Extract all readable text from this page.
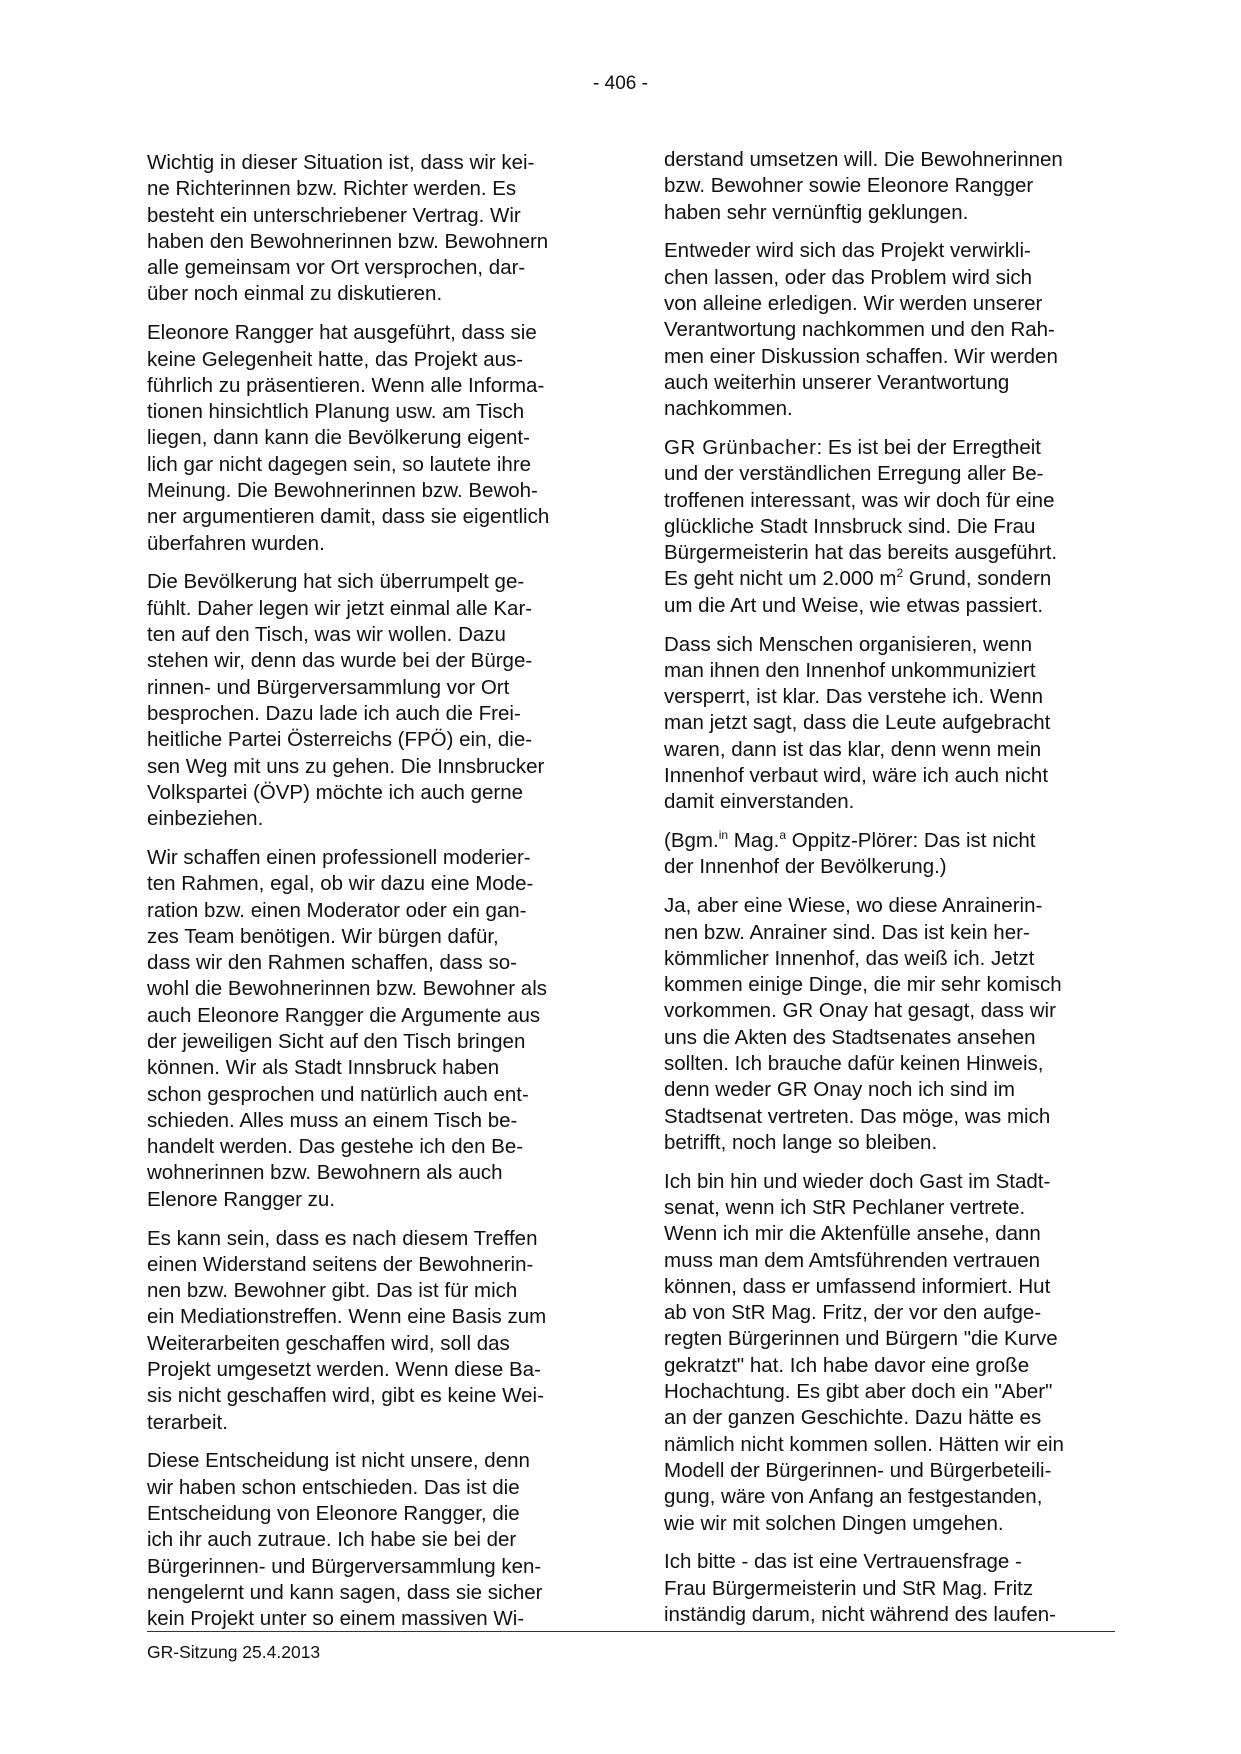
- 406 -

Wichtig in dieser Situation ist, dass wir kei-
ne Richterinnen bzw. Richter werden. Es
besteht ein unterschriebener Vertrag. Wir
haben den Bewohnerinnen bzw. Bewohnern
alle gemeinsam vor Ort versprochen, dar-
über noch einmal zu diskutieren.

Eleonore Rangger hat ausgeführt, dass sie
keine Gelegenheit hatte, das Projekt aus-
führlich zu präsentieren. Wenn alle Informa-
tionen hinsichtlich Planung usw. am Tisch
liegen, dann kann die Bevölkerung eigent-
lich gar nicht dagegen sein, so lautete ihre
Meinung. Die Bewohnerinnen bzw. Bewoh-
ner argumentieren damit, dass sie eigentlich
überfahren wurden.

Die Bevölkerung hat sich überrumpelt ge-
fühlt. Daher legen wir jetzt einmal alle Kar-
ten auf den Tisch, was wir wollen. Dazu
stehen wir, denn das wurde bei der Bürge-
rinnen- und Bürgerversammlung vor Ort
besprochen. Dazu lade ich auch die Frei-
heitliche Partei Österreichs (FPÖ) ein, die-
sen Weg mit uns zu gehen. Die Innsbrucker
Volkspartei (ÖVP) möchte ich auch gerne
einbeziehen.

Wir schaffen einen professionell moderier-
ten Rahmen, egal, ob wir dazu eine Mode-
ration bzw. einen Moderator oder ein gan-
zes Team benötigen. Wir bürgen dafür,
dass wir den Rahmen schaffen, dass so-
wohl die Bewohnerinnen bzw. Bewohner als
auch Eleonore Rangger die Argumente aus
der jeweiligen Sicht auf den Tisch bringen
können. Wir als Stadt Innsbruck haben
schon gesprochen und natürlich auch ent-
schieden. Alles muss an einem Tisch be-
handelt werden. Das gestehe ich den Be-
wohnerinnen bzw. Bewohnern als auch
Elenore Rangger zu.

Es kann sein, dass es nach diesem Treffen
einen Widerstand seitens der Bewohnerin-
nen bzw. Bewohner gibt. Das ist für mich
ein Mediationstreffen. Wenn eine Basis zum
Weiterarbeiten geschaffen wird, soll das
Projekt umgesetzt werden. Wenn diese Ba-
sis nicht geschaffen wird, gibt es keine Wei-
terarbeit.

Diese Entscheidung ist nicht unsere, denn
wir haben schon entschieden. Das ist die
Entscheidung von Eleonore Rangger, die
ich ihr auch zutraue. Ich habe sie bei der
Bürgerinnen- und Bürgerversammlung ken-
nengelernt und kann sagen, dass sie sicher
kein Projekt unter so einem massiven Wi-

derstand umsetzen will. Die Bewohnerinnen
bzw. Bewohner sowie Eleonore Rangger
haben sehr vernünftig geklungen.

Entweder wird sich das Projekt verwirkli-
chen lassen, oder das Problem wird sich
von alleine erledigen. Wir werden unserer
Verantwortung nachkommen und den Rah-
men einer Diskussion schaffen. Wir werden
auch weiterhin unserer Verantwortung
nachkommen.

GR Grünbacher: Es ist bei der Erregtheit
und der verständlichen Erregung aller Be-
troffenen interessant, was wir doch für eine
glückliche Stadt Innsbruck sind. Die Frau
Bürgermeisterin hat das bereits ausgeführt.
Es geht nicht um 2.000 $m^2$ Grund, sondern
um die Art und Weise, wie etwas passiert.

Dass sich Menschen organisieren, wenn
man ihnen den Innenhof unkommuniziert
versperrt, ist klar. Das verstehe ich. Wenn
man jetzt sagt, dass die Leute aufgebracht
waren, dann ist das klar, denn wenn mein
Innenhof verbaut wird, wäre ich auch nicht
damit einverstanden.

(Bgm.$^{in}$ Mag.$^a$ Oppitz-Plörer: Das ist nicht
der Innenhof der Bevölkerung.)

Ja, aber eine Wiese, wo diese Anrainerin-
nen bzw. Anrainer sind. Das ist kein her-
kömmlicher Innenhof, das weiß ich. Jetzt
kommen einige Dinge, die mir sehr komisch
vorkommen. GR Onay hat gesagt, dass wir
uns die Akten des Stadtsenates ansehen
sollten. Ich brauche dafür keinen Hinweis,
denn weder GR Onay noch ich sind im
Stadtsenat vertreten. Das möge, was mich
betrifft, noch lange so bleiben.

Ich bin hin und wieder doch Gast im Stadt-
senat, wenn ich StR Pechlaner vertrete.
Wenn ich mir die Aktenfülle ansehe, dann
muss man dem Amtsführenden vertrauen
können, dass er umfassend informiert. Hut
ab von StR Mag. Fritz, der vor den aufge-
regten Bürgerinnen und Bürgern "die Kurve
gekratzt" hat. Ich habe davor eine große
Hochachtung. Es gibt aber doch ein "Aber"
an der ganzen Geschichte. Dazu hätte es
nämlich nicht kommen sollen. Hätten wir ein
Modell der Bürgerinnen- und Bürgerbeteili-
gung, wäre von Anfang an festgestanden,
wie wir mit solchen Dingen umgehen.

Ich bitte - das ist eine Vertrauensfrage -
Frau Bürgermeisterin und StR Mag. Fritz
inständig darum, nicht während des laufen-

GR-Sitzung 25.4.2013
